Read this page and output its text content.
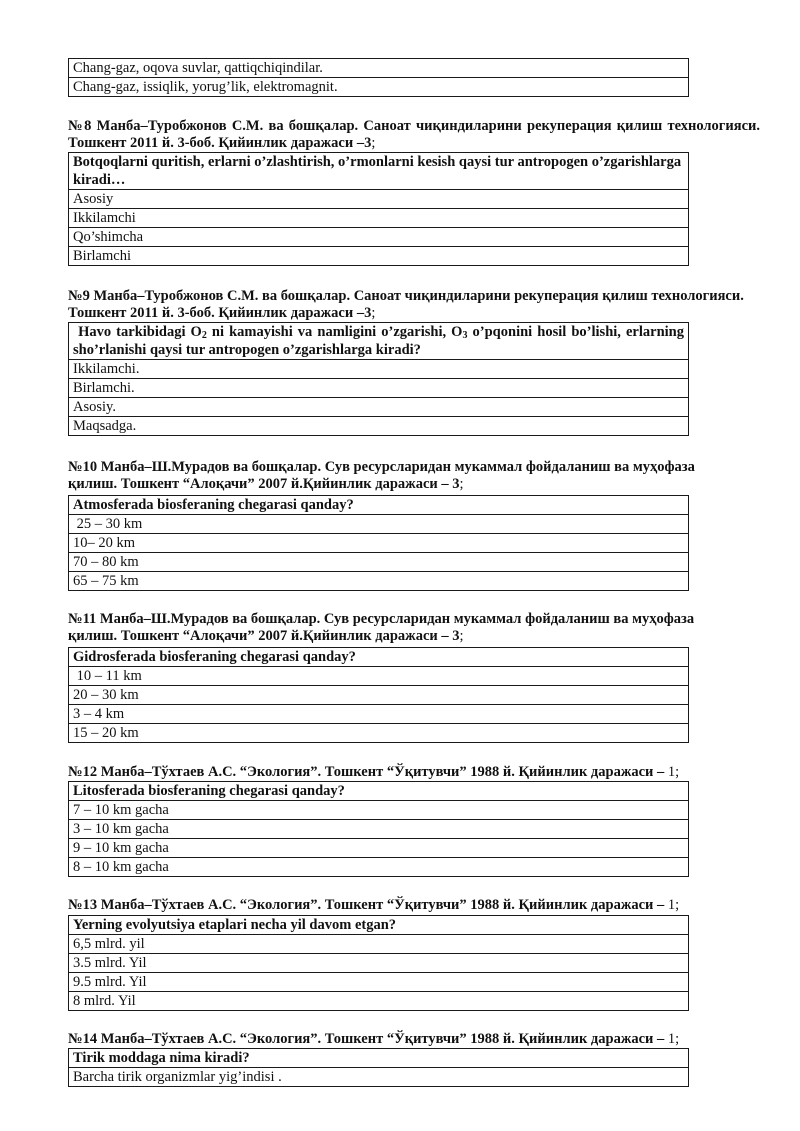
Chang-gaz, oqova suvlar, qattiqchiqindilar.
Chang-gaz, issiqlik, yorug’lik, elektromagnit.
№8 Манба–Туробжонов С.М. ва бошқалар. Саноат чиқиндиларини рекуперация қилиш технологияси. Тошкент 2011 й. 3-боб. Қийинлик даражаси –3;
Botqoqlarni quritish, erlarni o’zlashtirish, o’rmonlarni kesish qaysi tur antropogen o’zgarishlarga kiradi…
Asosiy
Ikkilamchi
Qo’shimcha
Birlamchi
№9 Манба–Туробжонов С.М. ва бошқалар. Саноат чиқиндиларини рекуперация қилиш технологияси. Тошкент 2011 й. 3-боб. Қийинлик даражаси –3;
Havo tarkibidagi $O_2$ ni kamayishi va namligini o’zgarishi, $O_3$ o’pqonini hosil bo’lishi, erlarning sho’rlanishi qaysi tur antropogen o’zgarishlarga kiradi?
Ikkilamchi.
Birlamchi.
Asosiy.
Maqsadga.
№10 Манба–Ш.Мурадов ва бошқалар. Сув ресурсларидан мукаммал фойдаланиш ва муҳофаза қилиш. Тошкент “Алоқачи” 2007 й.Қийинлик даражаси – 3;
Atmosferada biosferaning chegarasi qanday?
25 – 30 km
10– 20 km
70 – 80 km
65 – 75 km
№11 Манба–Ш.Мурадов ва бошқалар. Сув ресурсларидан мукаммал фойдаланиш ва муҳофаза қилиш. Тошкент “Алоқачи” 2007 й.Қийинлик даражаси – 3;
Gidrosferada biosferaning chegarasi qanday?
10 – 11 km
20 – 30 km
3 – 4 km
15 – 20 km
№12 Манба–Тўхтаев А.С. “Экология”. Тошкент “Ўқитувчи” 1988 й. Қийинлик даражаси – 1;
Litosferada biosferaning chegarasi qanday?
7 – 10 km gacha
3 – 10 km gacha
9 – 10 km gacha
8 – 10 km gacha
№13 Манба–Тўхтаев А.С. “Экология”. Тошкент “Ўқитувчи” 1988 й. Қийинлик даражаси – 1;
Yerning evolyutsiya etaplari necha yil davom etgan?
6,5 mlrd. yil
3.5 mlrd. Yil
9.5 mlrd. Yil
8 mlrd. Yil
№14 Манба–Тўхтаев А.С. “Экология”. Тошкент “Ўқитувчи” 1988 й. Қийинлик даражаси – 1;
Tirik moddaga nima kiradi?
Barcha tirik organizmlar yig’indisi .
